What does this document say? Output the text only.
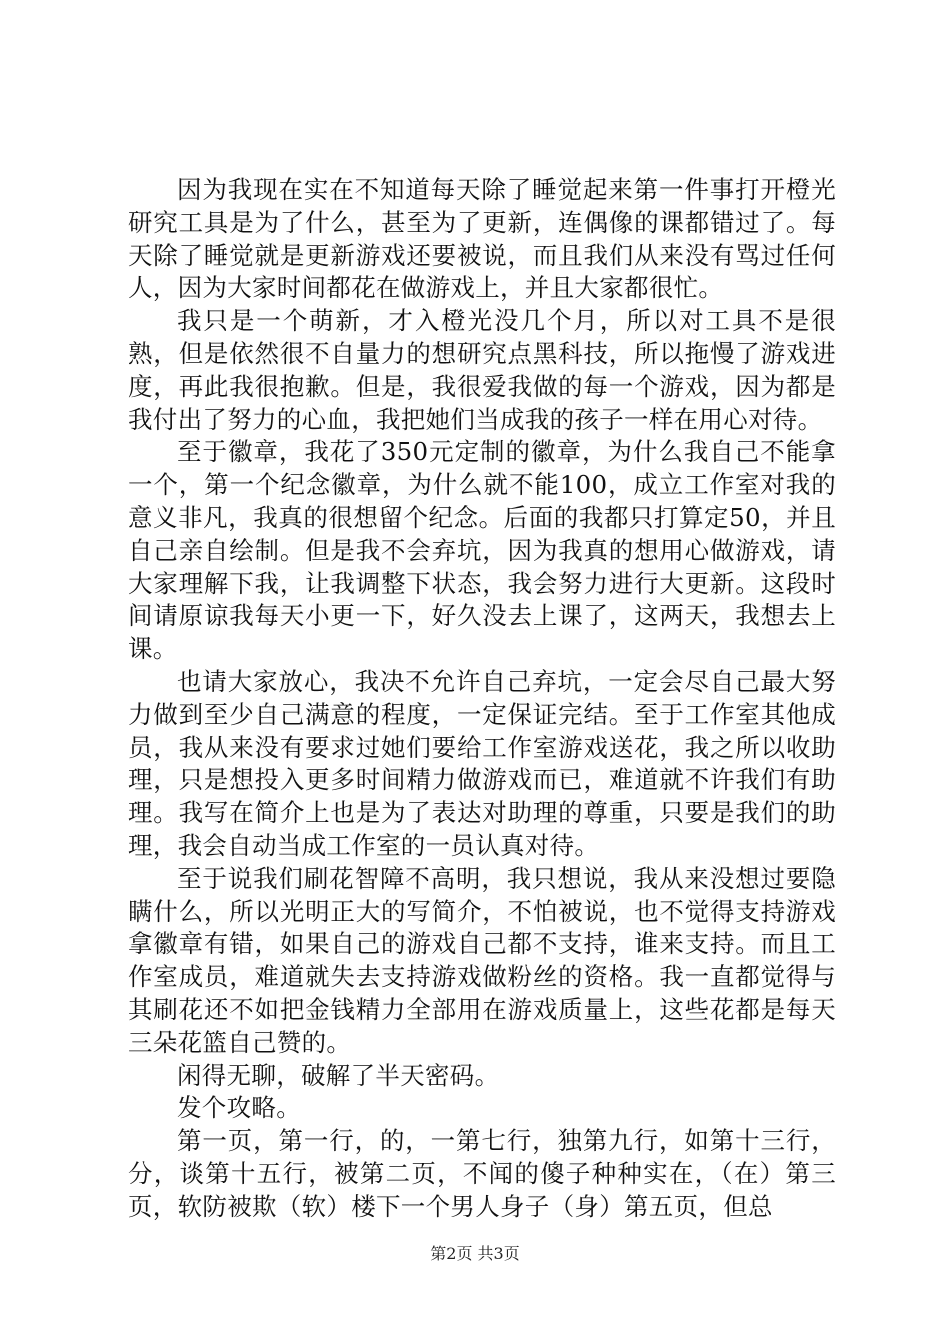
因为我现在实在不知道每天除了睡觉起来第一件事打开橙光研究工具是为了什么，甚至为了更新，连偶像的课都错过了。每天除了睡觉就是更新游戏还要被说，而且我们从来没有骂过任何人，因为大家时间都花在做游戏上，并且大家都很忙。

我只是一个萌新，才入橙光没几个月，所以对工具不是很熟，但是依然很不自量力的想研究点黑科技，所以拖慢了游戏进度，再此我很抱歉。但是，我很爱我做的每一个游戏，因为都是我付出了努力的心血，我把她们当成我的孩子一样在用心对待。

至于徽章，我花了350元定制的徽章，为什么我自己不能拿一个，第一个纪念徽章，为什么就不能100，成立工作室对我的意义非凡，我真的很想留个纪念。后面的我都只打算定50，并且自己亲自绘制。但是我不会弃坑，因为我真的想用心做游戏，请大家理解下我，让我调整下状态，我会努力进行大更新。这段时间请原谅我每天小更一下，好久没去上课了，这两天，我想去上课。

也请大家放心，我决不允许自己弃坑，一定会尽自己最大努力做到至少自己满意的程度，一定保证完结。至于工作室其他成员，我从来没有要求过她们要给工作室游戏送花，我之所以收助理，只是想投入更多时间精力做游戏而已，难道就不许我们有助理。我写在简介上也是为了表达对助理的尊重，只要是我们的助理，我会自动当成工作室的一员认真对待。

至于说我们刷花智障不高明，我只想说，我从来没想过要隐瞒什么，所以光明正大的写简介，不怕被说，也不觉得支持游戏拿徽章有错，如果自己的游戏自己都不支持，谁来支持。而且工作室成员，难道就失去支持游戏做粉丝的资格。我一直都觉得与其刷花还不如把金钱精力全部用在游戏质量上，这些花都是每天三朵花篮自己赞的。

闲得无聊，破解了半天密码。

发个攻略。

第一页，第一行，的，一第七行，独第九行，如第十三行，分，谈第十五行，被第二页，不闻的傻子种种实在，（在）第三页，软防被欺（软）楼下一个男人身子（身）第五页，但总

第2页 共3页
